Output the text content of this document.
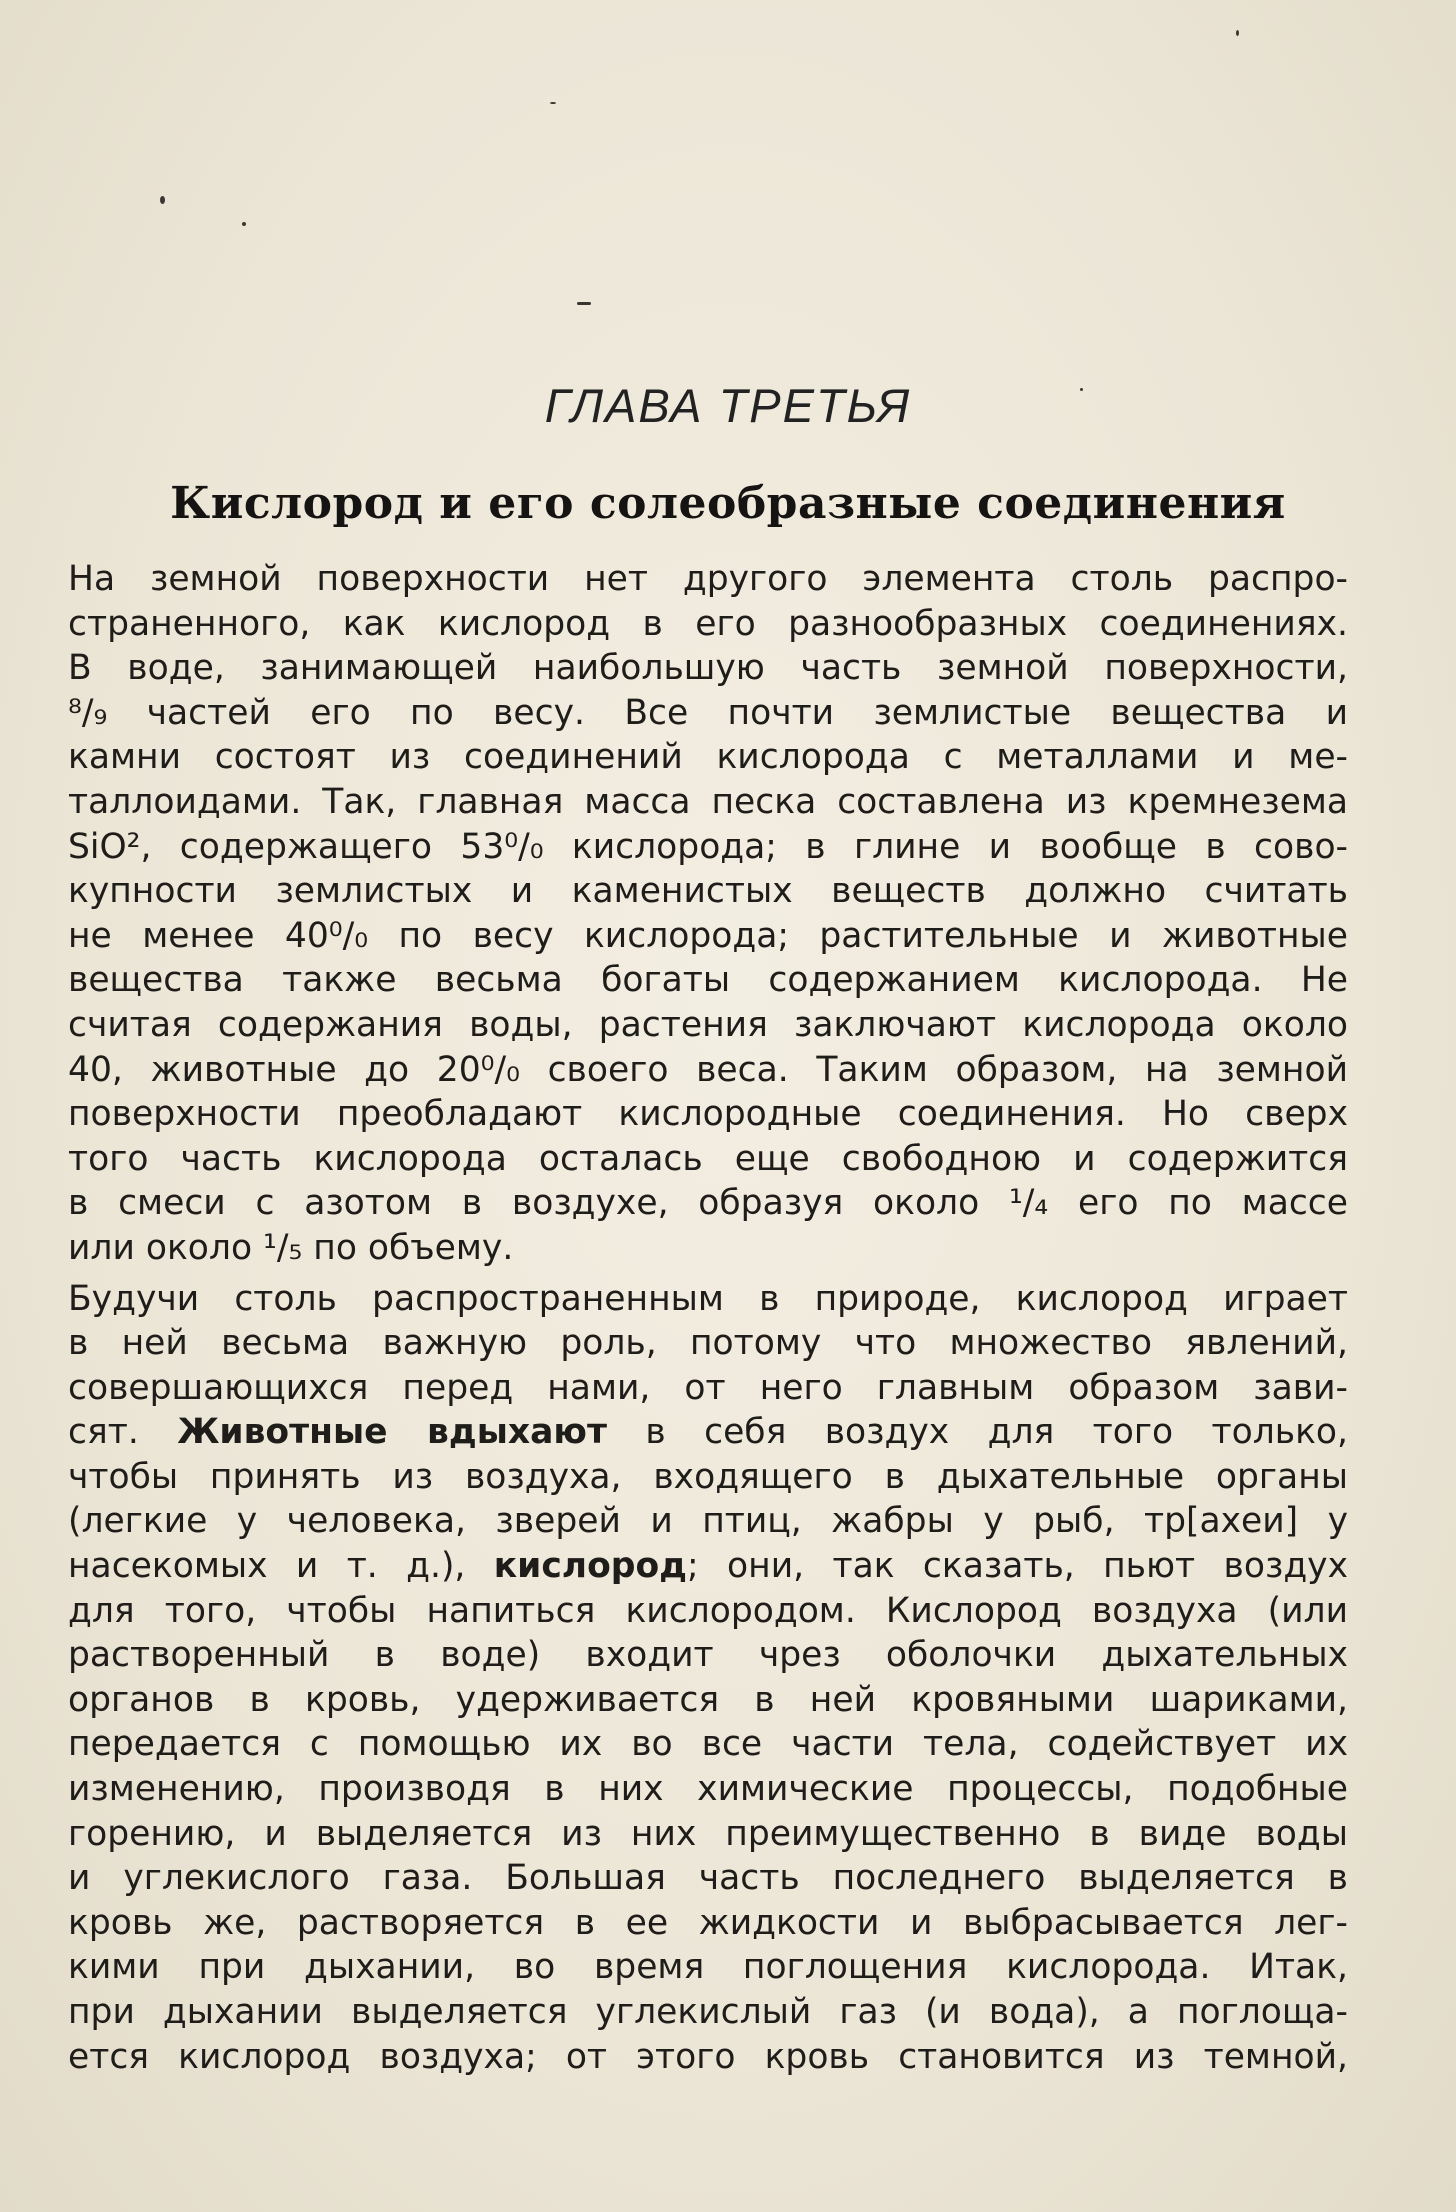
ГЛАВА ТРЕТЬЯ
Кислород и его солеобразные соединения
На земной поверхности нет другого элемента столь распро-
страненного, как кислород в его разнообразных соединениях.
В воде, занимающей наибольшую часть земной поверхности,
⁸/₉ частей его по весу. Все почти землистые вещества и
камни состоят из соединений кислорода с металлами и ме-
таллоидами. Так, главная масса песка составлена из кремнезема
SiO², содержащего 53⁰/₀ кислорода; в глине и вообще в сово-
купности землистых и каменистых веществ должно считать
не менее 40⁰/₀ по весу кислорода; растительные и животные
вещества также весьма богаты содержанием кислорода. Не
считая содержания воды, растения заключают кислорода около
40, животные до 20⁰/₀ своего веса. Таким образом, на земной
поверхности преобладают кислородные соединения. Но сверх
того часть кислорода осталась еще свободною и содержится
в смеси с азотом в воздухе, образуя около ¹/₄ его по массе
или около ¹/₅ по объему.
Будучи столь распространенным в природе, кислород играет
в ней весьма важную роль, потому что множество явлений,
совершающихся перед нами, от него главным образом зави-
сят. Животные вдыхают в себя воздух для того только,
чтобы принять из воздуха, входящего в дыхательные органы
(легкие у человека, зверей и птиц, жабры у рыб, тр[ахеи] у
насекомых и т. д.), кислород; они, так сказать, пьют воздух
для того, чтобы напиться кислородом. Кислород воздуха (или
растворенный в воде) входит чрез оболочки дыхательных
органов в кровь, удерживается в ней кровяными шариками,
передается с помощью их во все части тела, содействует их
изменению, производя в них химические процессы, подобные
горению, и выделяется из них преимущественно в виде воды
и углекислого газа. Большая часть последнего выделяется в
кровь же, растворяется в ее жидкости и выбрасывается лег-
кими при дыхании, во время поглощения кислорода. Итак,
при дыхании выделяется углекислый газ (и вода), а поглоща-
ется кислород воздуха; от этого кровь становится из темной,
